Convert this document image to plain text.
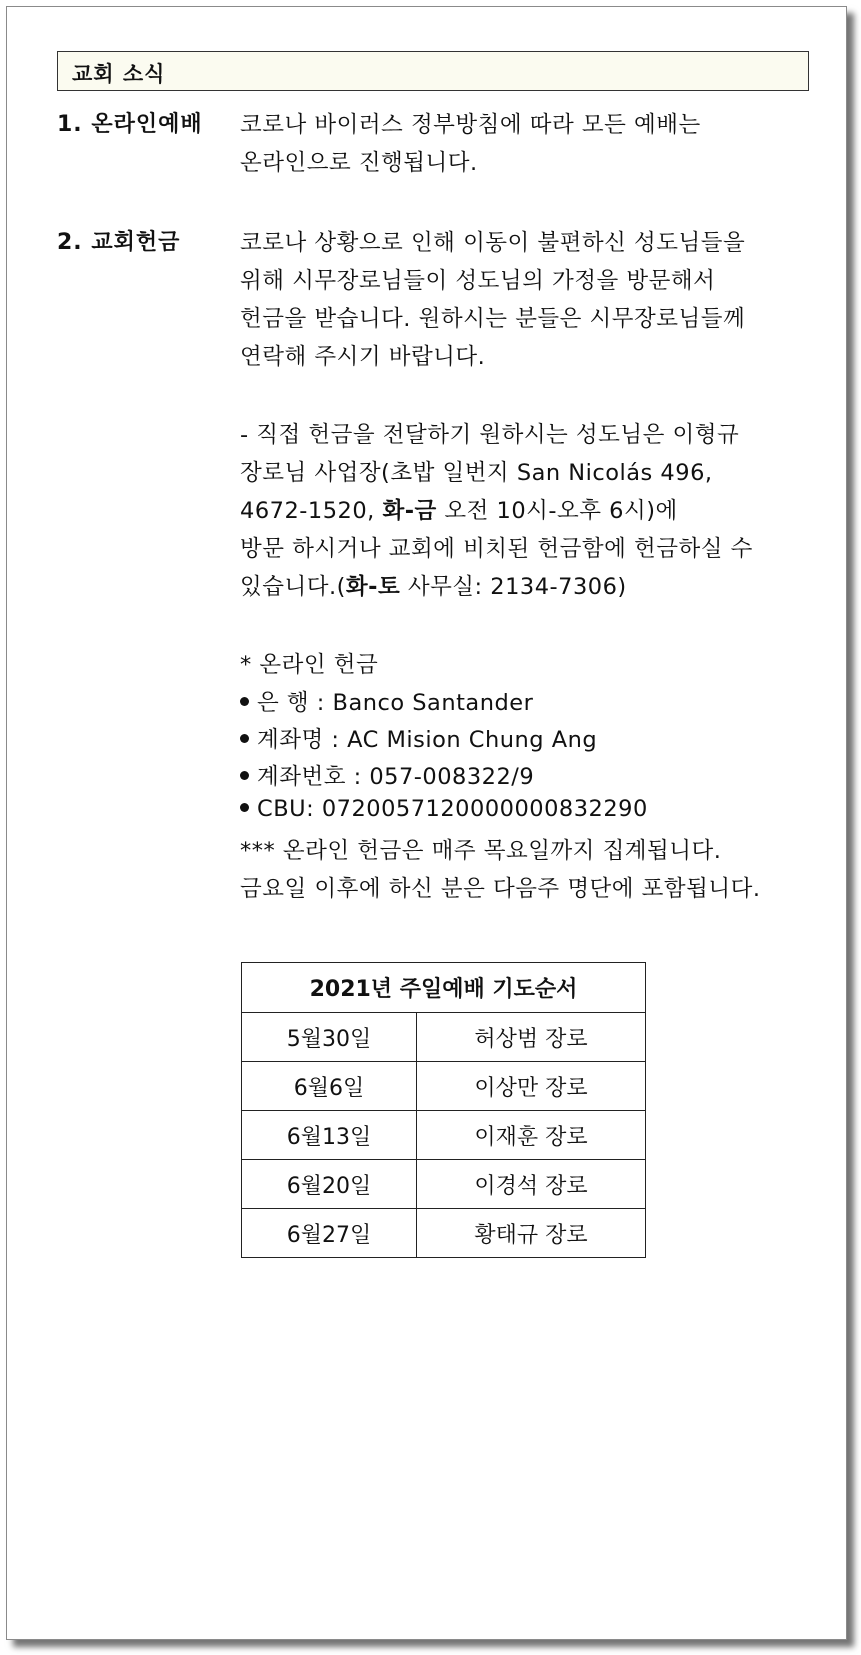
교회 소식
1. 온라인예배 코로나 바이러스 정부방침에 따라 모든 예배는
온라인으로 진행됩니다.
2. 교회헌금	코로나 상황으로 인해 이동이 불편하신 성도님들을
위해 시무장로님들이 성도님의 가정을 방문해서
헌금을 받습니다. 원하시는 분들은 시무장로님들께
연락해 주시기 바랍니다.
- 직접 헌금을 전달하기 원하시는 성도님은 이형규
장로님 사업장(초밥 일번지 San Nicolás 496,
4672-1520, 화-금 오전 10시-오후 6시)에
방문 하시거나 교회에 비치된 헌금함에 헌금하실 수
있습니다.(화-토 사무실: 2134-7306)
* 온라인 헌금
은 행 : Banco Santander
계좌명 : AC Mision Chung Ang
계좌번호 : 057-008322/9
CBU: 0720057120000000832290
*** 온라인 헌금은 매주 목요일까지 집계됩니다.
금요일 이후에 하신 분은 다음주 명단에 포함됩니다.
2021년 주일예배 기도순서	
5월30일	허상범 장로
6월6일	이상만 장로
6월13일	이재훈 장로
6월20일	이경석 장로
6월27일	황태규 장로
